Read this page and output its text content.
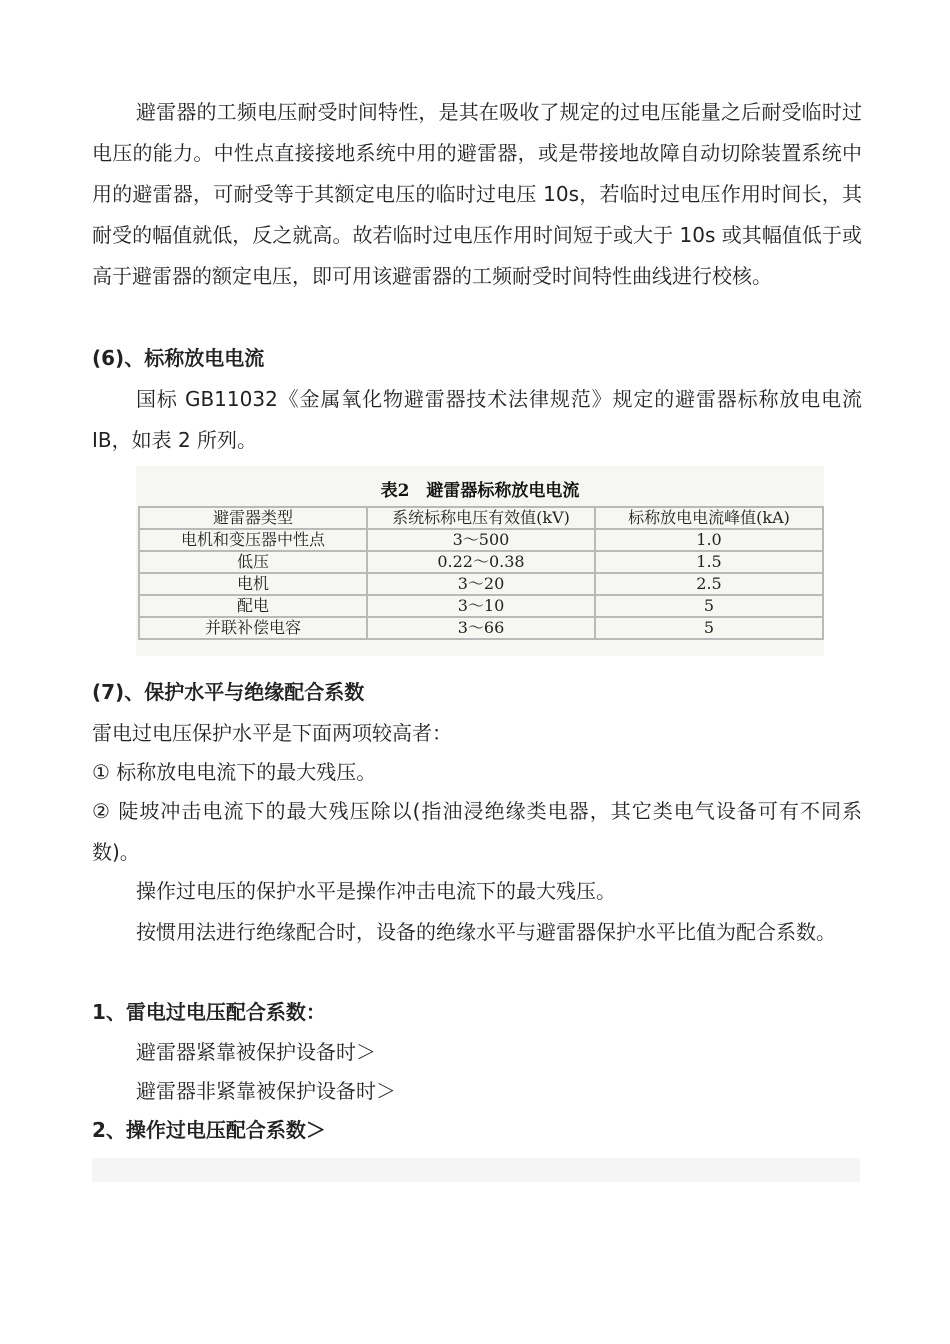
避雷器的工频电压耐受时间特性，是其在吸收了规定的过电压能量之后耐受临时过电压的能力。中性点直接接地系统中用的避雷器，或是带接地故障自动切除装置系统中用的避雷器，可耐受等于其额定电压的临时过电压 10s，若临时过电压作用时间长，其耐受的幅值就低，反之就高。故若临时过电压作用时间短于或大于 10s 或其幅值低于或高于避雷器的额定电压，即可用该避雷器的工频耐受时间特性曲线进行校核。

(6)、标称放电电流

国标 GB11032《金属氧化物避雷器技术法律规范》规定的避雷器标称放电电流 IB，如表 2 所列。

表2　避雷器标称放电电流
避雷器类型	系统标称电压有效值(kV)	标称放电电流峰值(kA)
电机和变压器中性点	3～500	1.0
低压	0.22～0.38	1.5
电机	3～20	2.5
配电	3～10	5
并联补偿电容	3～66	5

(7)、保护水平与绝缘配合系数

雷电过电压保护水平是下面两项较高者：

① 标称放电电流下的最大残压。

② 陡坡冲击电流下的最大残压除以(指油浸绝缘类电器，其它类电气设备可有不同系数)。

操作过电压的保护水平是操作冲击电流下的最大残压。

按惯用法进行绝缘配合时，设备的绝缘水平与避雷器保护水平比值为配合系数。

1、雷电过电压配合系数：

避雷器紧靠被保护设备时＞

避雷器非紧靠被保护设备时＞

2、操作过电压配合系数＞
